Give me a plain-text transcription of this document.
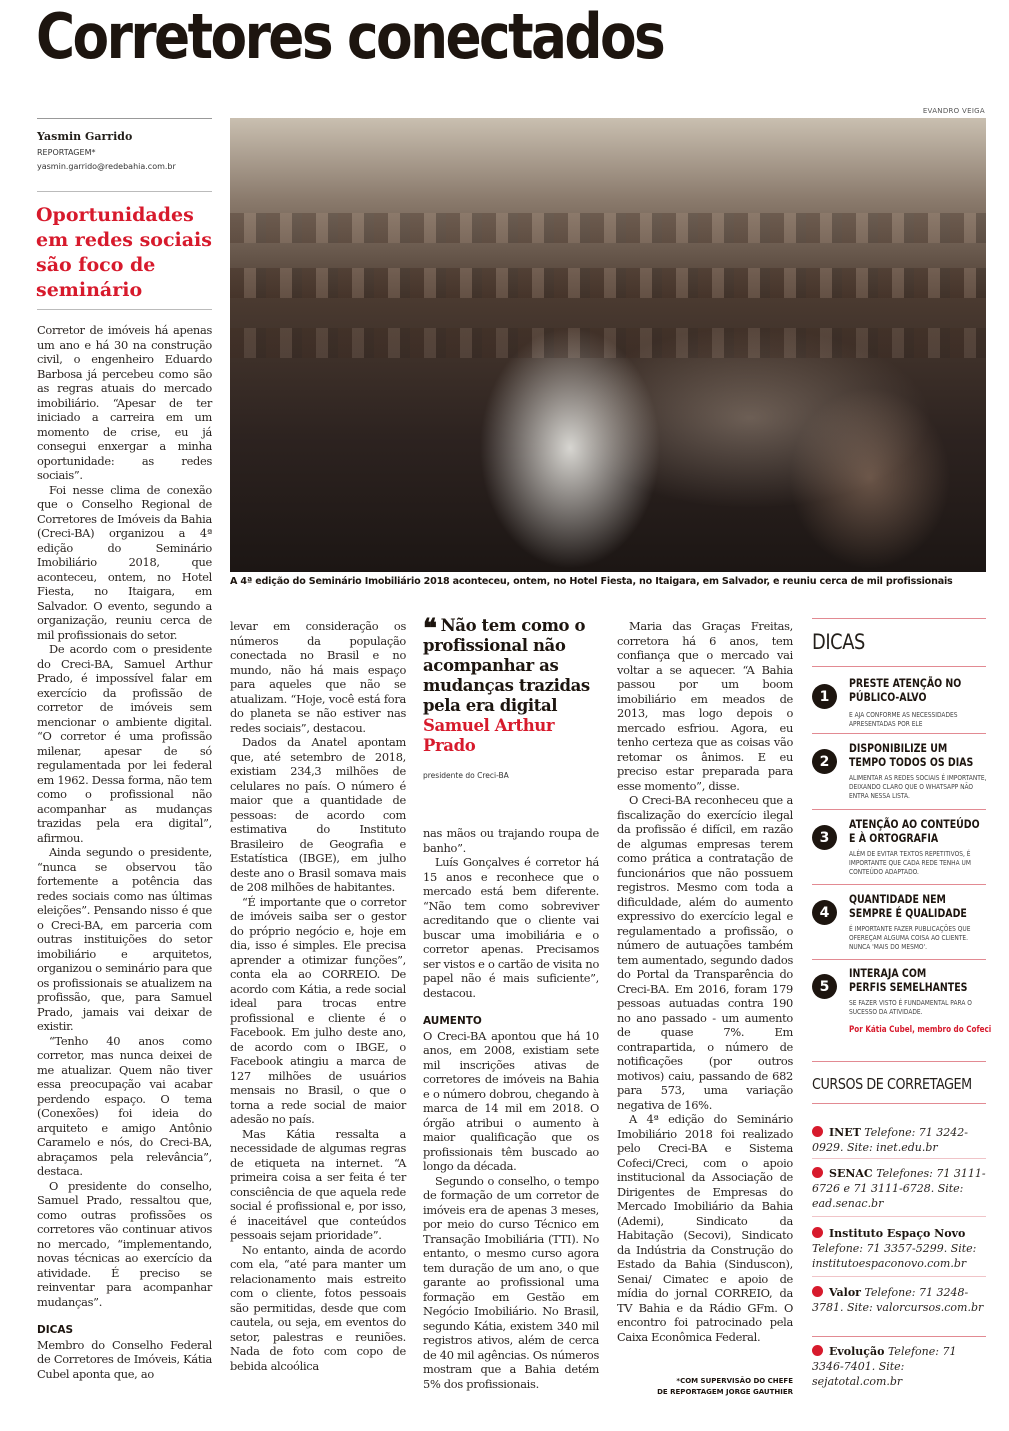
Corretores conectados
EVANDRO VEIGA
Yasmin Garrido
REPORTAGEM*
yasmin.garrido@redebahia.com.br
Oportunidades em redes sociais são foco de seminário
A 4ª edição do Seminário Imobiliário 2018 aconteceu, ontem, no Hotel Fiesta, no Itaigara, em Salvador, e reuniu cerca de mil profissionais

Corretor de imóveis há apenas um ano e há 30 na construção civil, o engenheiro Eduardo Barbosa já percebeu como são as regras atuais do mercado imobiliário. “Apesar de ter iniciado a carreira em um momento de crise, eu já consegui enxergar a minha oportunidade: as redes sociais”.

Foi nesse clima de conexão que o Conselho Regional de Corretores de Imóveis da Bahia (Creci-BA) organizou a 4ª edição do Seminário Imobiliário 2018, que aconteceu, ontem, no Hotel Fiesta, no Itaigara, em Salvador. O evento, segundo a organização, reuniu cerca de mil profissionais do setor.

De acordo com o presidente do Creci-BA, Samuel Arthur Prado, é impossível falar em exercício da profissão de corretor de imóveis sem mencionar o ambiente digital. “O corretor é uma profissão milenar, apesar de só regulamentada por lei federal em 1962. Dessa forma, não tem como o profissional não acompanhar as mudanças trazidas pela era digital”, afirmou.

Ainda segundo o presidente, “nunca se observou tão fortemente a potência das redes sociais como nas últimas eleições”. Pensando nisso é que o Creci-BA, em parceria com outras instituições do setor imobiliário e arquitetos, organizou o seminário para que os profissionais se atualizem na profissão, que, para Samuel Prado, jamais vai deixar de existir.

“Tenho 40 anos como corretor, mas nunca deixei de me atualizar. Quem não tiver essa preocupação vai acabar perdendo espaço. O tema (Conexões) foi ideia do arquiteto e amigo Antônio Caramelo e nós, do Creci-BA, abraçamos pela relevância”, destaca.

O presidente do conselho, Samuel Prado, ressaltou que, como outras profissões os corretores vão continuar ativos no mercado, “implementando, novas técnicas ao exercício da atividade. É preciso se reinventar para acompanhar mudanças”.

DICAS

Membro do Conselho Federal de Corretores de Imóveis, Kátia Cubel aponta que, ao

levar em consideração os números da população conectada no Brasil e no mundo, não há mais espaço para aqueles que não se atualizam. “Hoje, você está fora do planeta se não estiver nas redes sociais”, destacou.

Dados da Anatel apontam que, até setembro de 2018, existiam 234,3 milhões de celulares no país. O número é maior que a quantidade de pessoas: de acordo com estimativa do Instituto Brasileiro de Geografia e Estatística (IBGE), em julho deste ano o Brasil somava mais de 208 milhões de habitantes.

“É importante que o corretor de imóveis saiba ser o gestor do próprio negócio e, hoje em dia, isso é simples. Ele precisa aprender a otimizar funções”, conta ela ao CORREIO. De acordo com Kátia, a rede social ideal para trocas entre profissional e cliente é o Facebook. Em julho deste ano, de acordo com o IBGE, o Facebook atingiu a marca de 127 milhões de usuários mensais no Brasil, o que o torna a rede social de maior adesão no país.

Mas Kátia ressalta a necessidade de algumas regras de etiqueta na internet. “A primeira coisa a ser feita é ter consciência de que aquela rede social é profissional e, por isso, é inaceitável que conteúdos pessoais sejam prioridade”.

No entanto, ainda de acordo com ela, “até para manter um relacionamento mais estreito com o cliente, fotos pessoais são permitidas, desde que com cautela, ou seja, em eventos do setor, palestras e reuniões. Nada de foto com copo de bebida alcoólica

❝ Não tem como o profissional não acompanhar as mudanças trazidas pela era digital
Samuel Arthur Prado
presidente do Creci-BA

nas mãos ou trajando roupa de banho”.

Luís Gonçalves é corretor há 15 anos e reconhece que o mercado está bem diferente. “Não tem como sobreviver acreditando que o cliente vai buscar uma imobiliária e o corretor apenas. Precisamos ser vistos e o cartão de visita no papel não é mais suficiente”, destacou.

AUMENTO

O Creci-BA apontou que há 10 anos, em 2008, existiam sete mil inscrições ativas de corretores de imóveis na Bahia e o número dobrou, chegando à marca de 14 mil em 2018. O órgão atribui o aumento à maior qualificação que os profissionais têm buscado ao longo da década.

Segundo o conselho, o tempo de formação de um corretor de imóveis era de apenas 3 meses, por meio do curso Técnico em Transação Imobiliária (TTI). No entanto, o mesmo curso agora tem duração de um ano, o que garante ao profissional uma formação em Gestão em Negócio Imobiliário. No Brasil, segundo Kátia, existem 340 mil registros ativos, além de cerca de 40 mil agências. Os números mostram que a Bahia detém 5% dos profissionais.

Maria das Graças Freitas, corretora há 6 anos, tem confiança que o mercado vai voltar a se aquecer. “A Bahia passou por um boom imobiliário em meados de 2013, mas logo depois o mercado esfriou. Agora, eu tenho certeza que as coisas vão retomar os ânimos. E eu preciso estar preparada para esse momento”, disse.

O Creci-BA reconheceu que a fiscalização do exercício ilegal da profissão é difícil, em razão de algumas empresas terem como prática a contratação de funcionários que não possuem registros. Mesmo com toda a dificuldade, além do aumento expressivo do exercício legal e regulamentado a profissão, o número de autuações também tem aumentado, segundo dados do Portal da Transparência do Creci-BA. Em 2016, foram 179 pessoas autuadas contra 190 no ano passado - um aumento de quase 7%. Em contrapartida, o número de notificações (por outros motivos) caiu, passando de 682 para 573, uma variação negativa de 16%.

A 4ª edição do Seminário Imobiliário 2018 foi realizado pelo Creci-BA e Sistema Cofeci/Creci, com o apoio institucional da Associação de Dirigentes de Empresas do Mercado Imobiliário da Bahia (Ademi), Sindicato da Habitação (Secovi), Sindicato da Indústria da Construção do Estado da Bahia (Sinduscon), Senai/ Cimatec e apoio de mídia do jornal CORREIO, da TV Bahia e da Rádio GFm. O encontro foi patrocinado pela Caixa Econômica Federal.

*COM SUPERVISÃO DO CHEFE
DE REPORTAGEM JORGE GAUTHIER
DICAS
1
PRESTE ATENÇÃO NO
PÚBLICO-ALVO
E AJA CONFORME AS NECESSIDADES APRESENTADAS POR ELE
2
DISPONIBILIZE UM
TEMPO TODOS OS DIAS
ALIMENTAR AS REDES SOCIAIS É IMPORTANTE, DEIXANDO CLARO QUE O WHATSAPP NÃO ENTRA NESSA LISTA.
3
ATENÇÃO AO CONTEÚDO
E À ORTOGRAFIA
ALÉM DE EVITAR TEXTOS REPETITIVOS, É IMPORTANTE QUE CADA REDE TENHA UM CONTEÚDO ADAPTADO.
4
QUANTIDADE NEM
SEMPRE É QUALIDADE
É IMPORTANTE FAZER PUBLICAÇÕES QUE OFEREÇAM ALGUMA COISA AO CLIENTE. NUNCA 'MAIS DO MESMO'.
5
INTERAJA COM
PERFIS SEMELHANTES
SE FAZER VISTO É FUNDAMENTAL PARA O SUCESSO DA ATIVIDADE.
Por Kátia Cubel, membro do Cofeci
CURSOS DE CORRETAGEM
INET Telefone: 71 3242-0929. Site: inet.edu.br
SENAC Telefones: 71 3111-6726 e 71 3111-6728. Site: ead.senac.br
Instituto Espaço Novo Telefone: 71 3357-5299. Site: institutoespaconovo.com.br
Valor Telefone: 71 3248-3781. Site: valorcursos.com.br
Evolução Telefone: 71 3346-7401. Site: sejatotal.com.br
